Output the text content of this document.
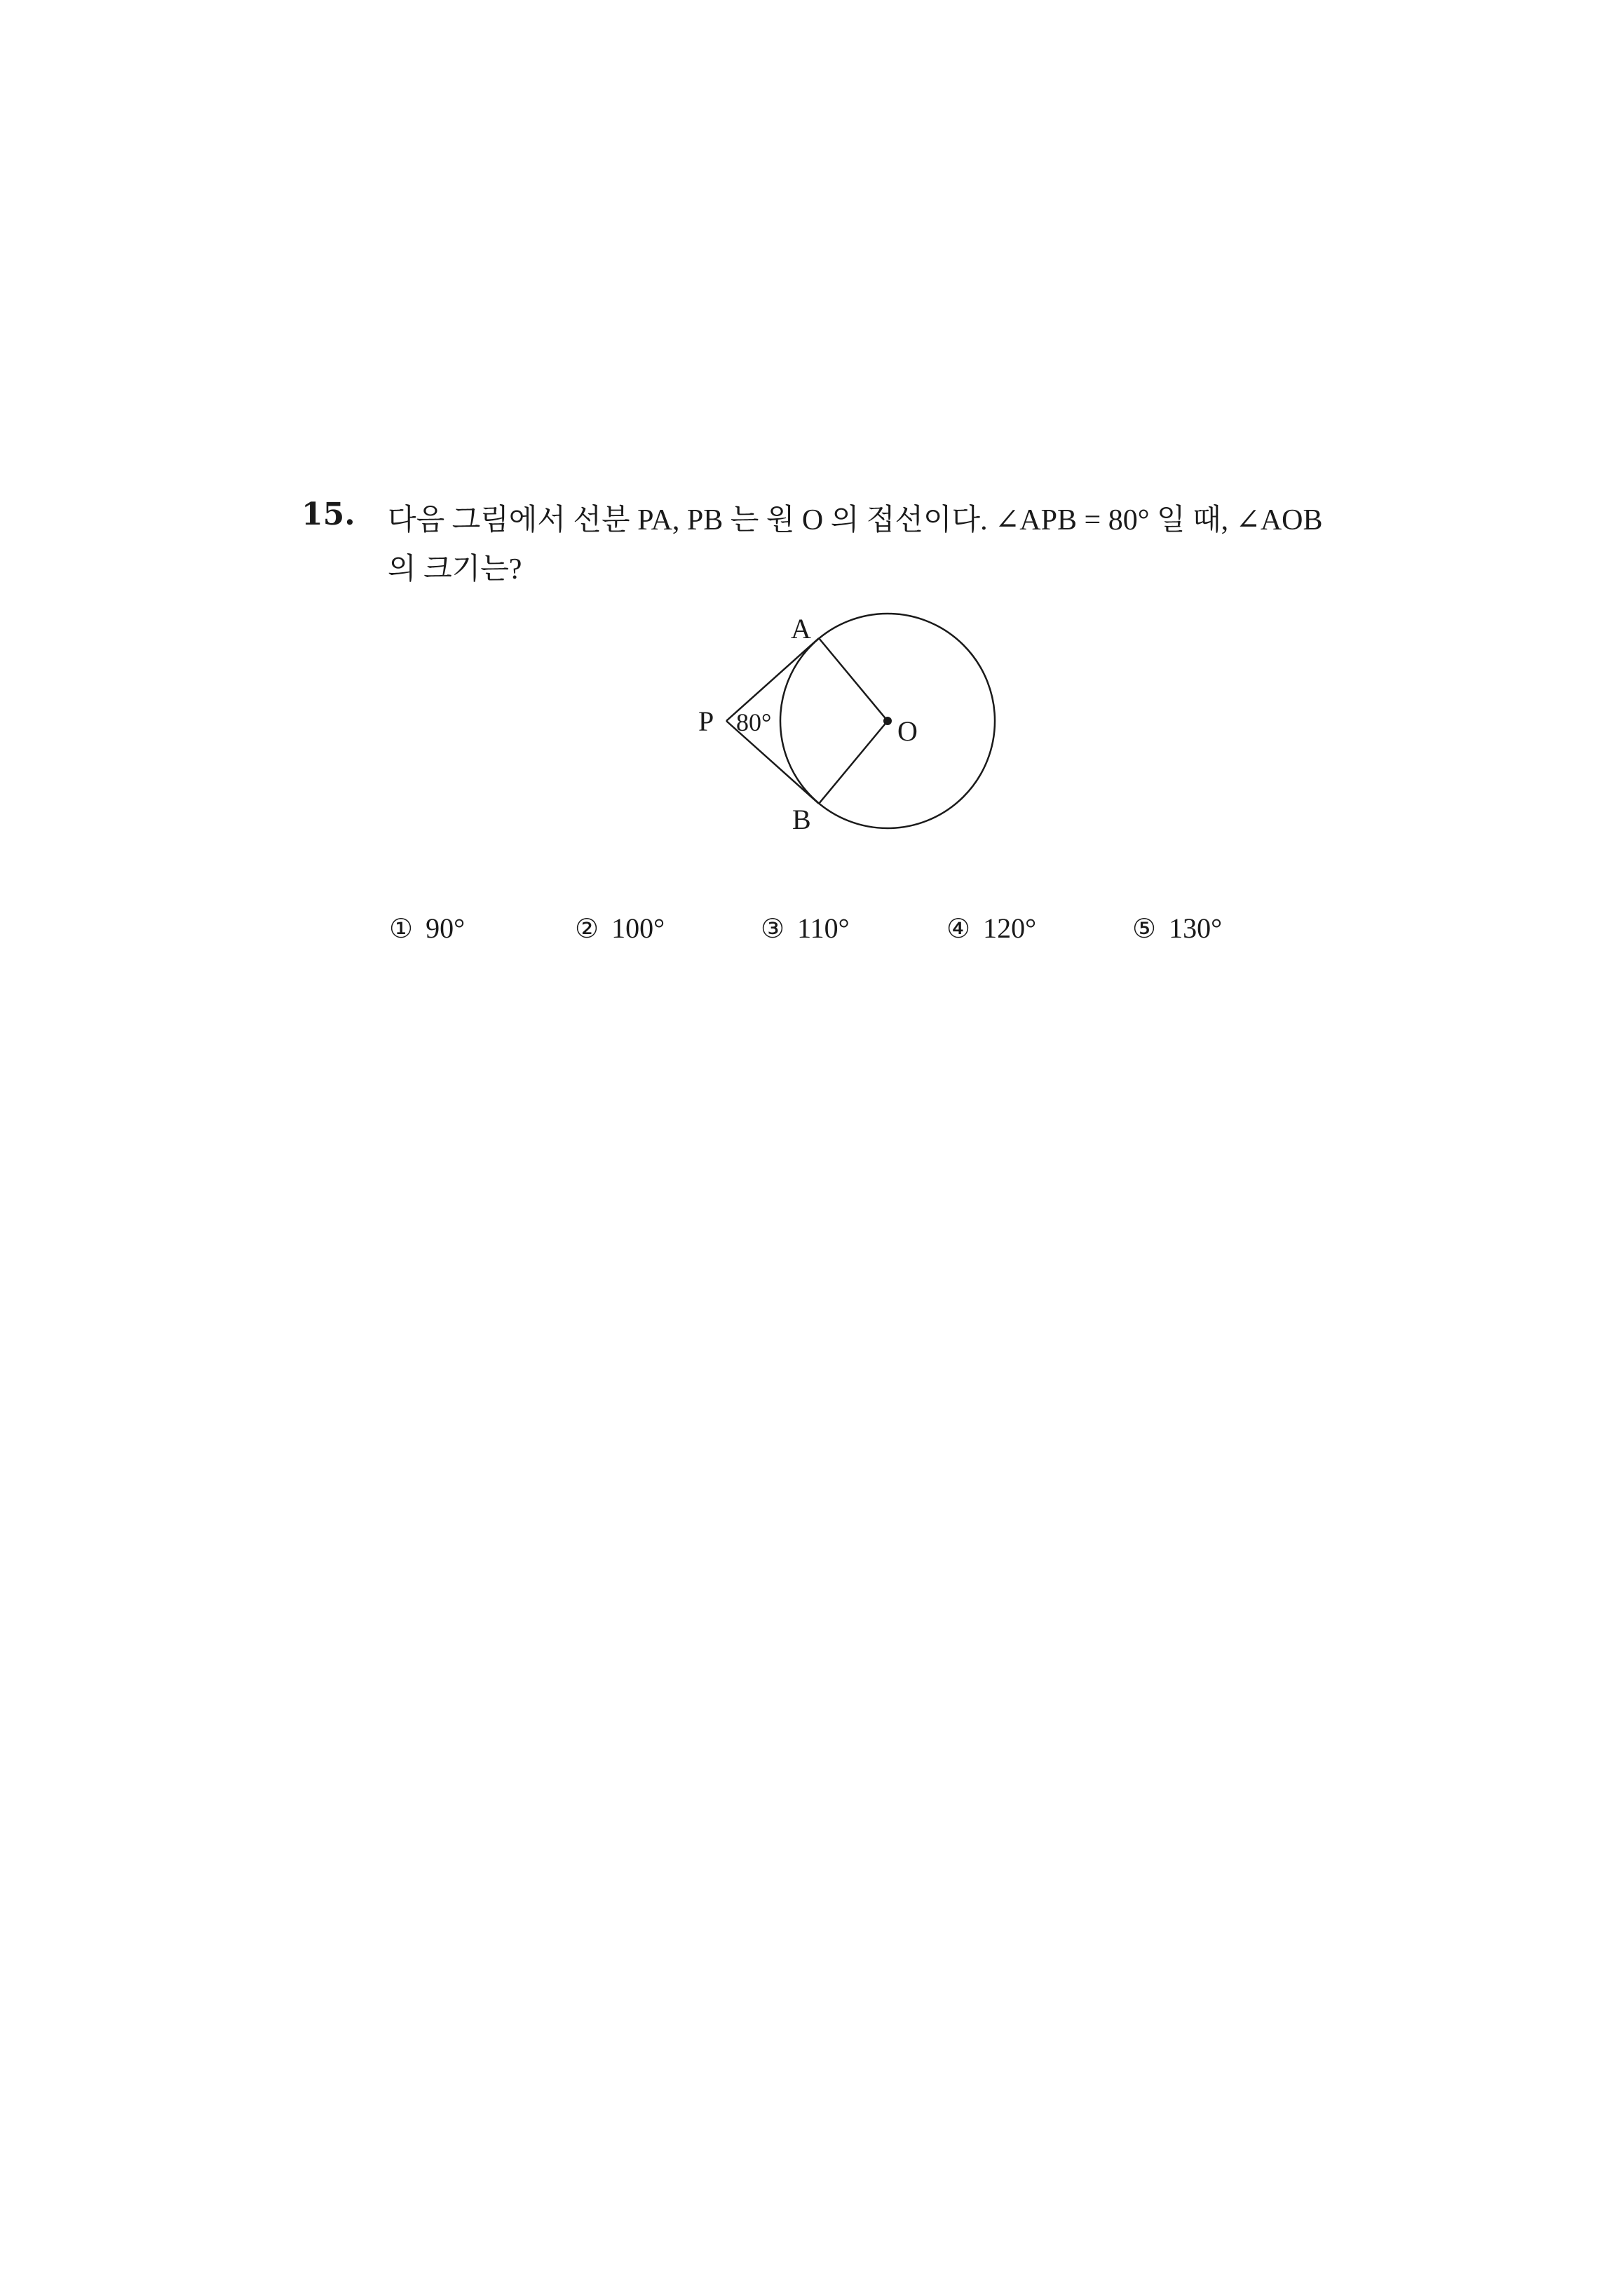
15. 다음 그림에서 선분 PA, PB 는 원 O 의 접선이다. ∠APB = 80° 일 때, ∠AOB
의 크기는?
A
B
P	O
80°
① 90°	② 100°	③ 110°	④ 120°	⑤ 130°
